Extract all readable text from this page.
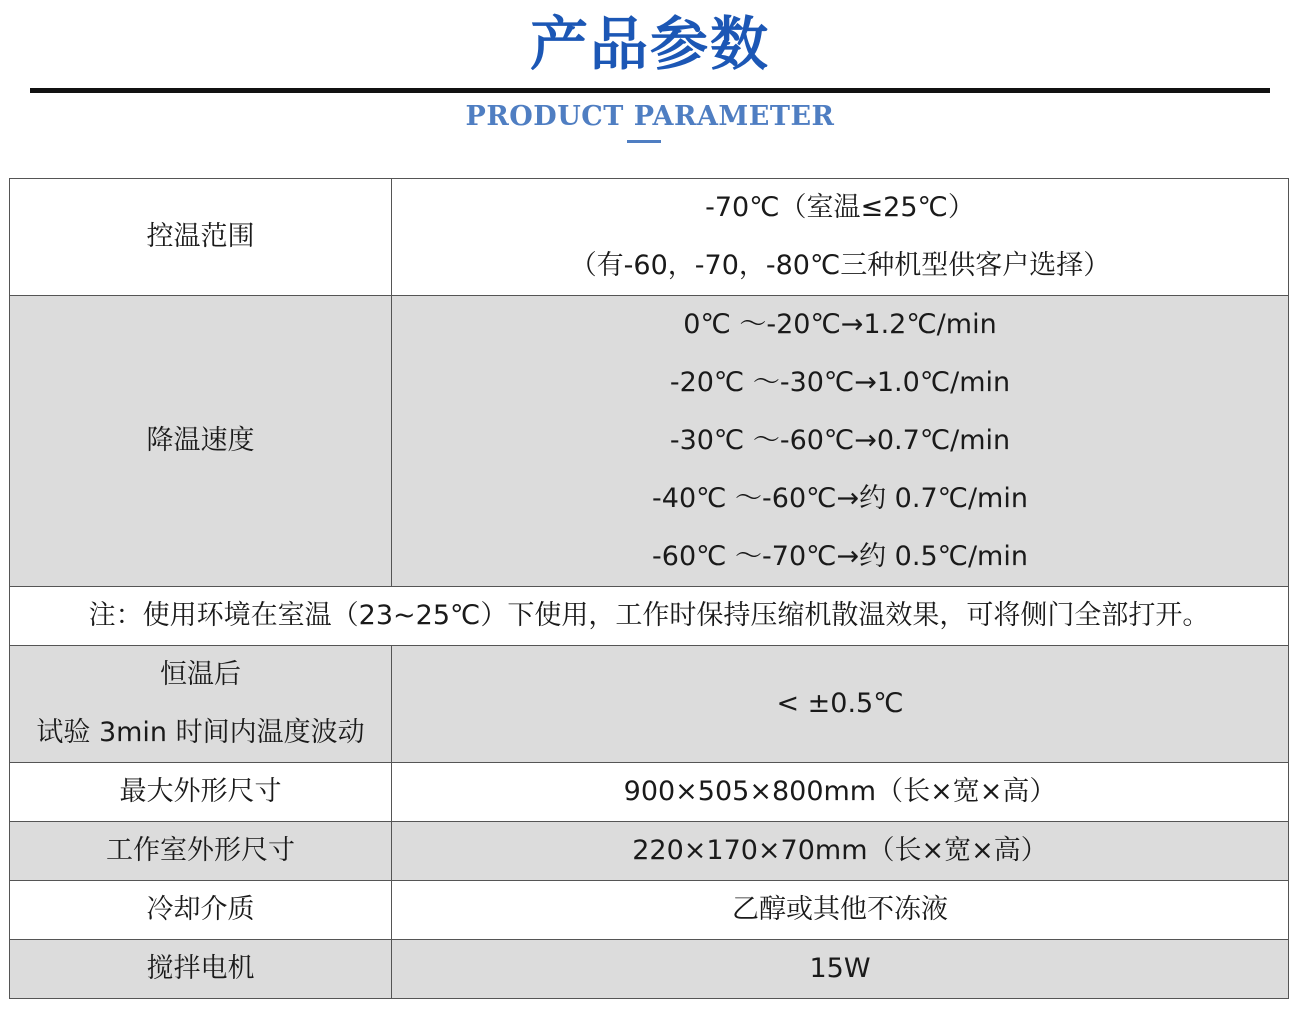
产品参数
PRODUCT PARAMETER
控温范围	-70℃（室温≤25℃）
（有-60，-70，-80℃三种机型供客户选择）

降温速度	0℃ ～-20℃→1.2℃/min
-20℃ ～-30℃→1.0℃/min
-30℃ ～-60℃→0.7℃/min
-40℃ ～-60℃→约 0.7℃/min
-60℃ ～-70℃→约 0.5℃/min

注：使用环境在室温（23~25℃）下使用，工作时保持压缩机散温效果，可将侧门全部打开。	

恒温后
试验 3min 时间内温度波动	< ±0.5℃

最大外形尺寸	900×505×800mm（长×宽×高）

工作室外形尺寸	220×170×70mm（长×宽×高）

冷却介质	乙醇或其他不冻液

搅拌电机	15W
